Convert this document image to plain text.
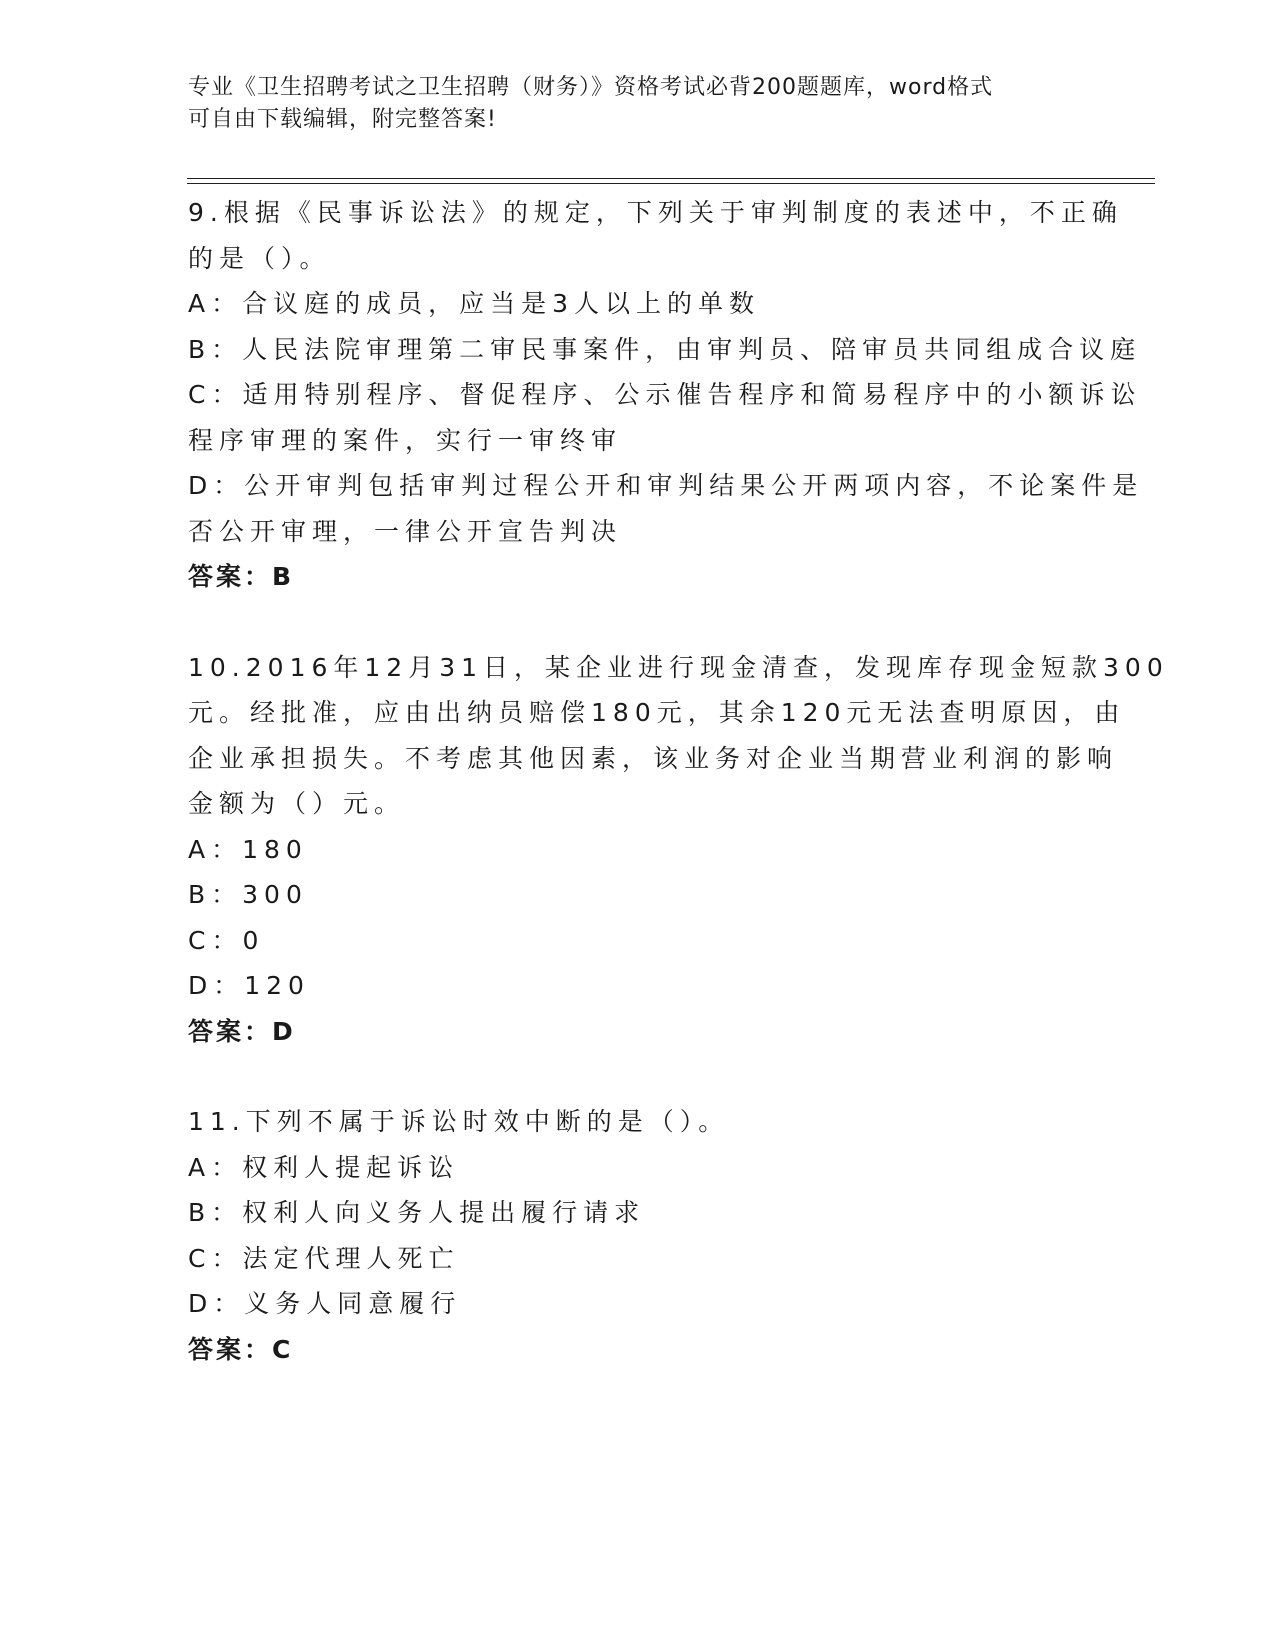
专业《卫生招聘考试之卫生招聘（财务）》资格考试必背200题题库，word格式
可自由下载编辑，附完整答案!
9.根据《民事诉讼法》的规定，下列关于审判制度的表述中，不正确
的是（）。
A：合议庭的成员，应当是3人以上的单数
B：人民法院审理第二审民事案件，由审判员、陪审员共同组成合议庭
C：适用特别程序、督促程序、公示催告程序和简易程序中的小额诉讼
程序审理的案件，实行一审终审
D：公开审判包括审判过程公开和审判结果公开两项内容，不论案件是
否公开审理，一律公开宣告判决
答案：B
10.2016年12月31日，某企业进行现金清查，发现库存现金短款300
元。经批准，应由出纳员赔偿180元，其余120元无法查明原因，由
企业承担损失。不考虑其他因素，该业务对企业当期营业利润的影响
金额为（）元。
A：180
B：300
C：0
D：120
答案：D
11.下列不属于诉讼时效中断的是（）。
A：权利人提起诉讼
B：权利人向义务人提出履行请求
C：法定代理人死亡
D：义务人同意履行
答案：C
